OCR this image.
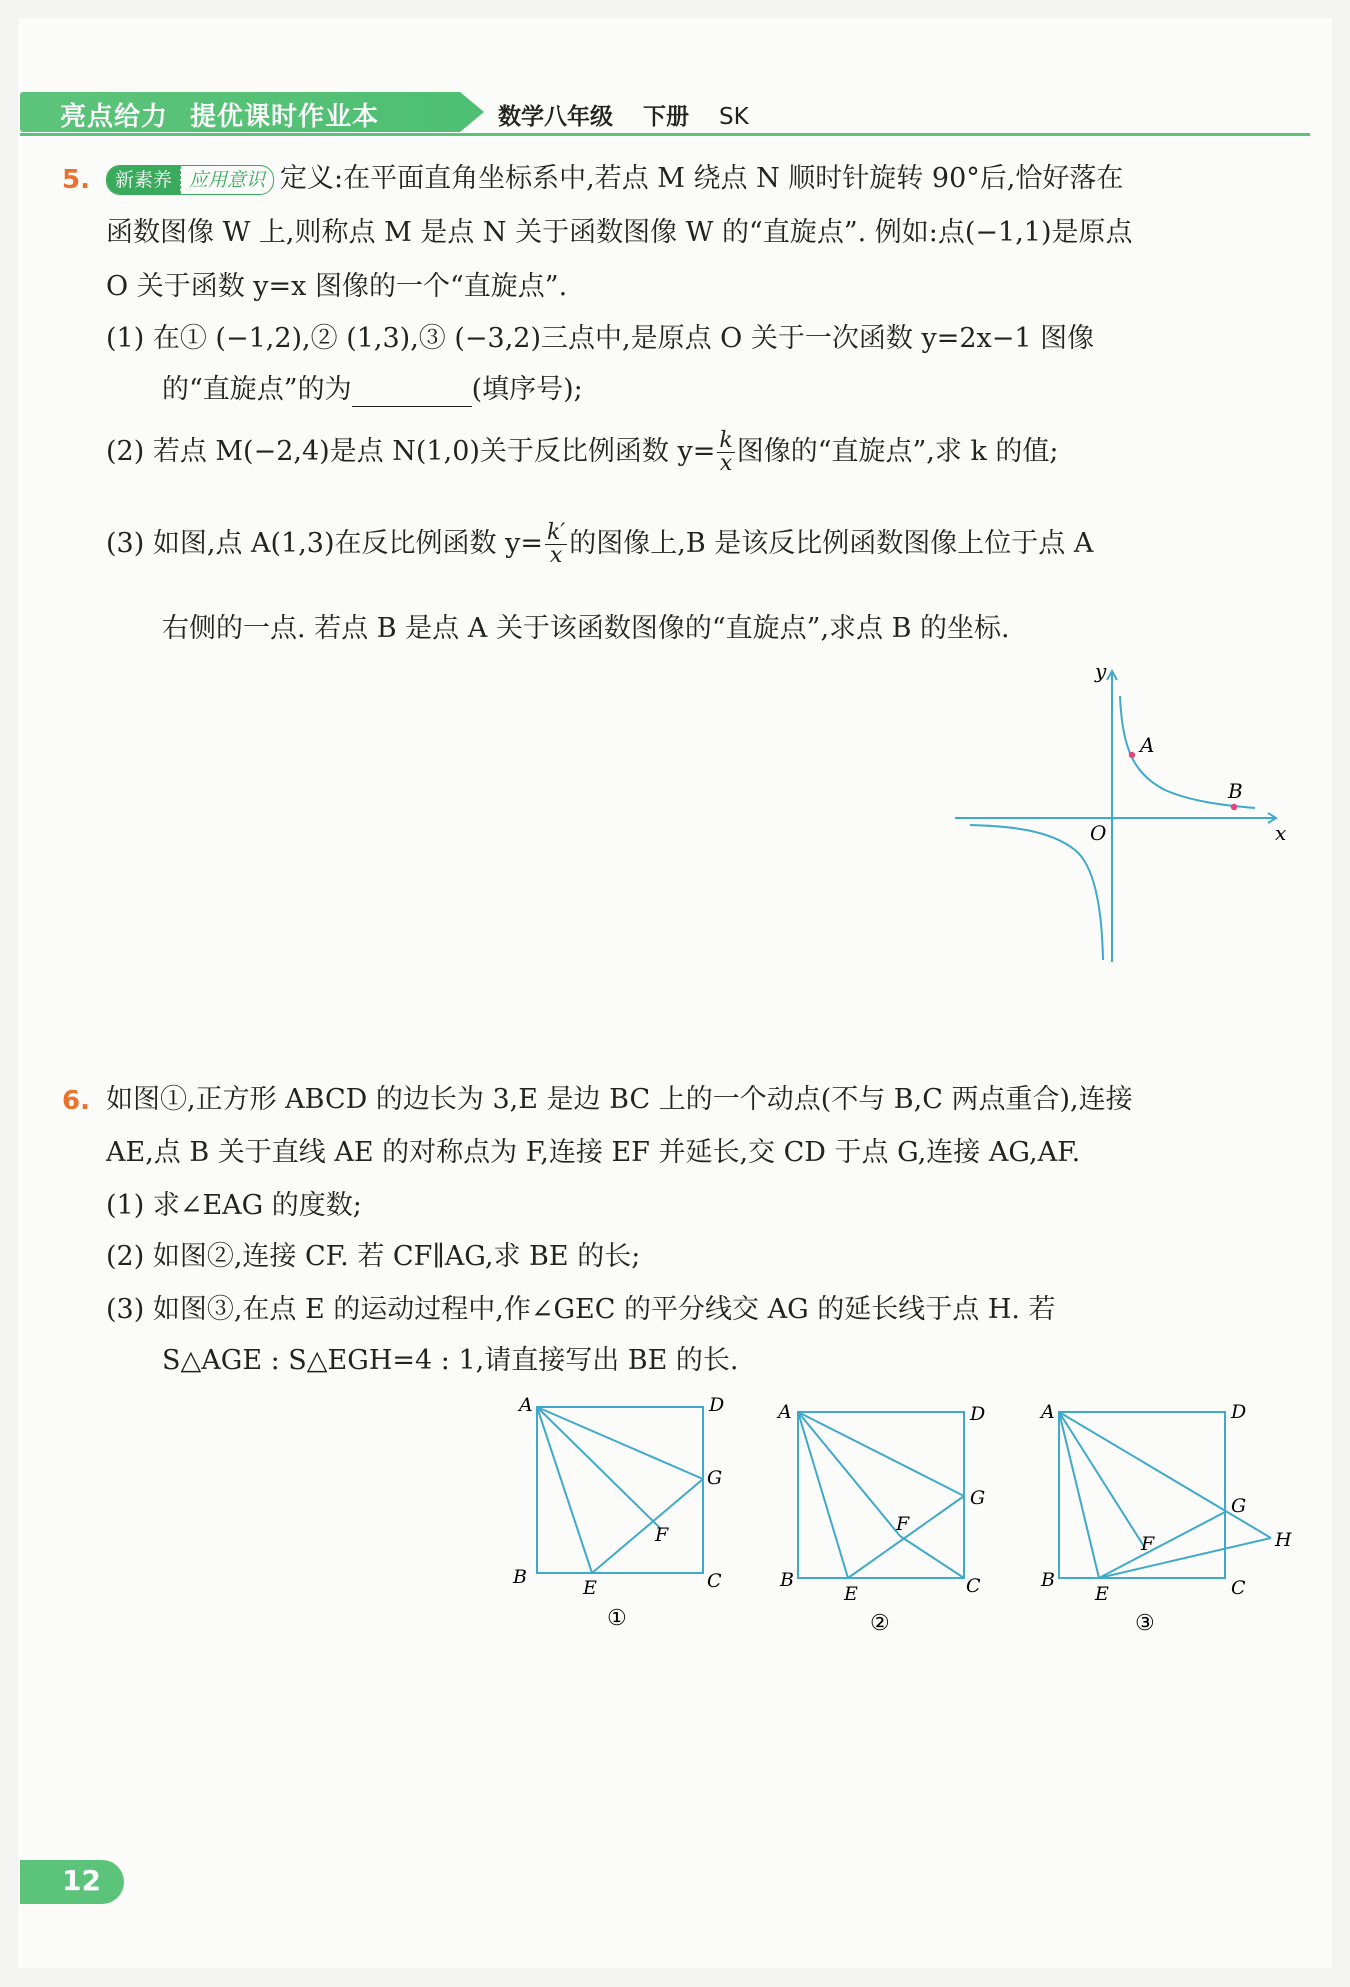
亮点给力 提优课时作业本	数学八年级 下册 SK
5.	新素养 应用意识 定义:在平面直角坐标系中,若点 M 绕点 N 顺时针旋转 90°后,恰好落在
函数图像 W 上,则称点 M 是点 N 关于函数图像 W 的“直旋点”. 例如:点(−1,1)是原点
O 关于函数 y=x 图像的一个“直旋点”.
(1) 在① (−1,2),② (1,3),③ (−3,2)三点中,是原点 O 关于一次函数 y=2x−1 图像
的“直旋点”的为	(填序号);
(2) 若点 M(−2,4)是点 N(1,0)关于反比例函数 $y= \frac{k}{x}$ 图像的“直旋点”,求 k 的值;
(3) 如图,点 A(1,3)在反比例函数 $y= \frac{k'}{x}$ 的图像上,B 是该反比例函数图像上位于点 A
右侧的一点. 若点 B 是点 A 关于该函数图像的“直旋点”,求点 B 的坐标.
y
x
O
A
B
6. 如图①,正方形 ABCD 的边长为 3,E 是边 BC 上的一个动点(不与 B,C 两点重合),连接
AE,点 B 关于直线 AE 的对称点为 F,连接 EF 并延长,交 CD 于点 G,连接 AG,AF.
(1) 求∠EAG 的度数;
(2) 如图②,连接 CF. 若 CF∥AG,求 BE 的长;
(3) 如图③,在点 E 的运动过程中,作∠GEC 的平分线交 AG 的延长线于点 H. 若
S△AGE : S△EGH=4 : 1,请直接写出 BE 的长.
A	D
B	C
G
F
E
①
A	D
B	C
G
F
E
②
A	D
B	C
G
H
F
E
③
12
